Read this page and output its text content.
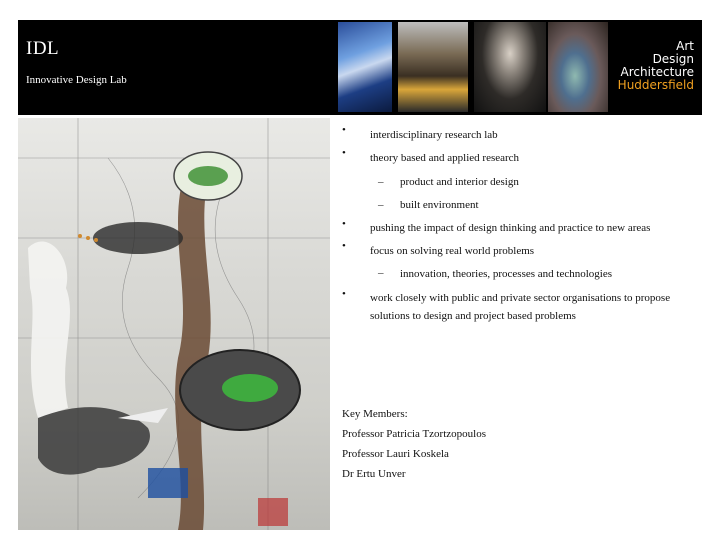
IDL
Innovative Design Lab
Art
Design
Architecture
Huddersfield
• interdisciplinary research lab
• theory based and applied research
– product and interior design
– built environment
• pushing the impact of design thinking and practice to new areas
• focus on solving real world problems
– innovation, theories, processes and technologies
• work closely with public and private sector organisations to propose
solutions to design and project based problems
Key Members:
Professor Patricia Tzortzopoulos
Professor Lauri Koskela
Dr Ertu Unver
